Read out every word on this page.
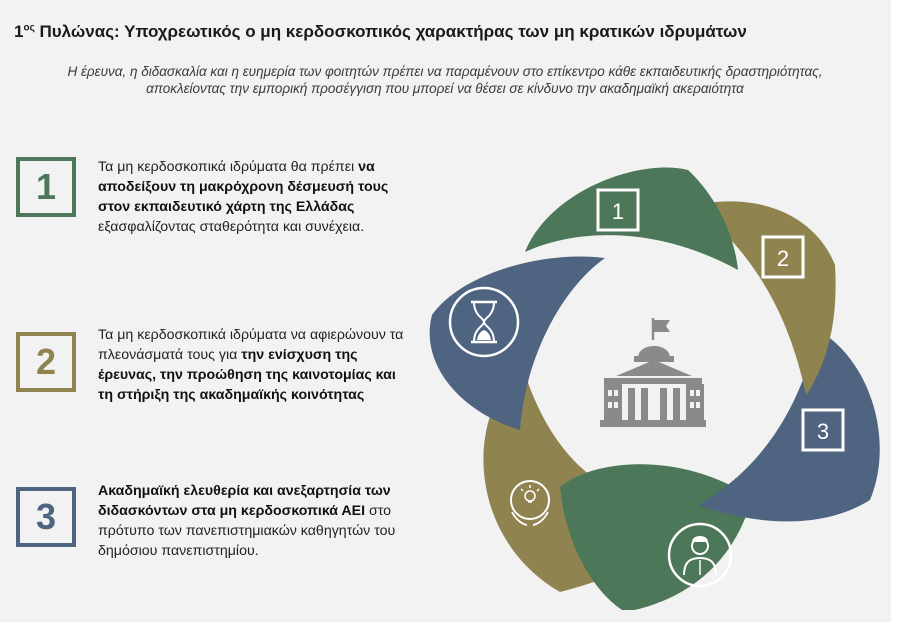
$1^{o\varsigma}$ Πυλώνας: Υποχρεωτικός ο μη κερδοσκοπικός χαρακτήρας των μη κρατικών ιδρυμάτων
Η έρευνα, η διδασκαλία και η ευημερία των φοιτητών πρέπει να παραμένουν στο επίκεντρο κάθε εκπαιδευτικής δραστηριότητας, αποκλείοντας την εμπορική προσέγγιση που μπορεί να θέσει σε κίνδυνο την ακαδημαϊκή ακεραιότητα
1	Τα μη κερδοσκοπικά ιδρύματα θα πρέπει να αποδείξουν τη μακρόχρονη δέσμευσή τους στον εκπαιδευτικό χάρτη της Ελλάδας εξασφαλίζοντας σταθερότητα και συνέχεια.
2
Τα μη κερδοσκοπικά ιδρύματα να αφιερώνουν τα πλεονάσματά τους για την ενίσχυση της έρευνας, την προώθηση της καινοτομίας και τη στήριξη της ακαδημαϊκής κοινότητας
3
Ακαδημαϊκή ελευθερία και ανεξαρτησία των διδασκόντων στα μη κερδοσκοπικά ΑΕΙ στο πρότυπο των πανεπιστημιακών καθηγητών του δημόσιου πανεπιστημίου.
1
2
3
